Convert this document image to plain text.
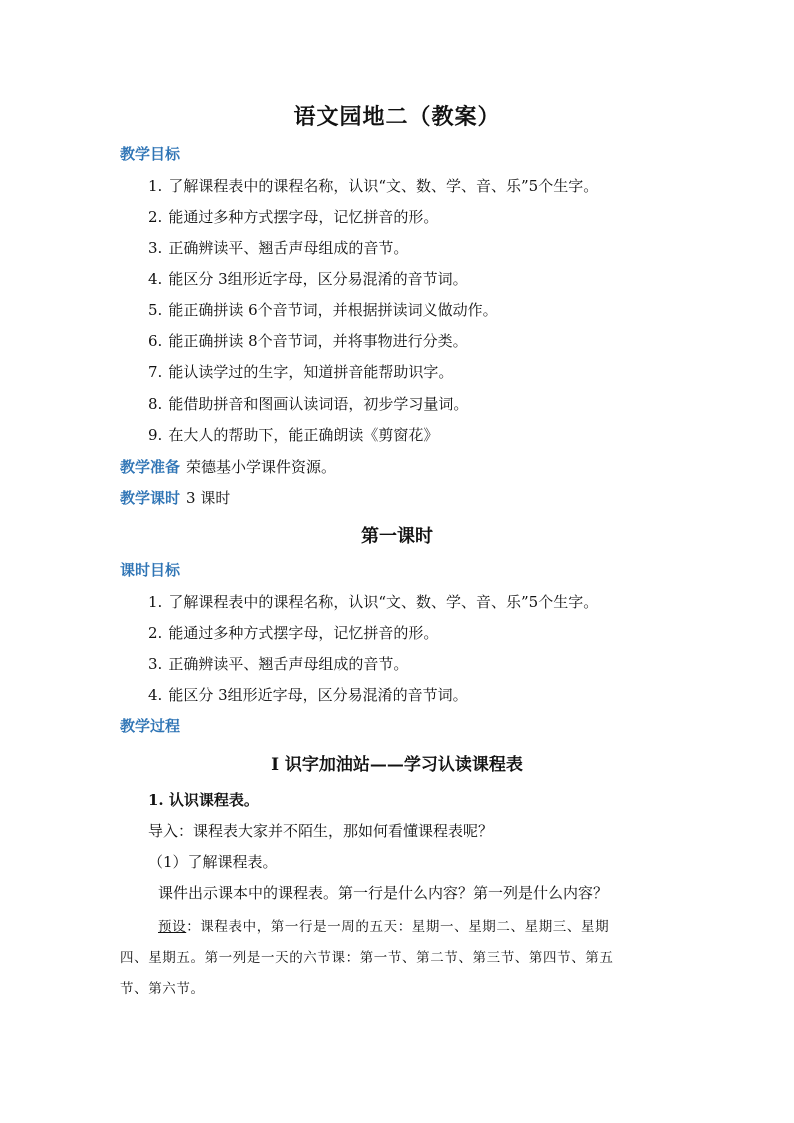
语文园地二（教案）
教学目标
1. 了解课程表中的课程名称，认识“文、数、学、音、乐”5个生字。
2. 能通过多种方式摆字母，记忆拼音的形。
3. 正确辨读平、翘舌声母组成的音节。
4. 能区分 3组形近字母，区分易混淆的音节词。
5. 能正确拼读 6个音节词，并根据拼读词义做动作。
6. 能正确拼读 8个音节词，并将事物进行分类。
7. 能认读学过的生字，知道拼音能帮助识字。
8. 能借助拼音和图画认读词语，初步学习量词。
9. 在大人的帮助下，能正确朗读《剪窗花》
教学准备 荣德基小学课件资源。
教学课时 3 课时
第一课时
课时目标
1. 了解课程表中的课程名称，认识“文、数、学、音、乐”5个生字。
2. 能通过多种方式摆字母，记忆拼音的形。
3. 正确辨读平、翘舌声母组成的音节。
4. 能区分 3组形近字母，区分易混淆的音节词。
教学过程
Ⅰ 识字加油站——学习认读课程表
1. 认识课程表。
导入：课程表大家并不陌生，那如何看懂课程表呢？
（1）了解课程表。
课件出示课本中的课程表。第一行是什么内容？第一列是什么内容？
预设：课程表中，第一行是一周的五天：星期一、星期二、星期三、星期
四、星期五。第一列是一天的六节课：第一节、第二节、第三节、第四节、第五
节、第六节。
